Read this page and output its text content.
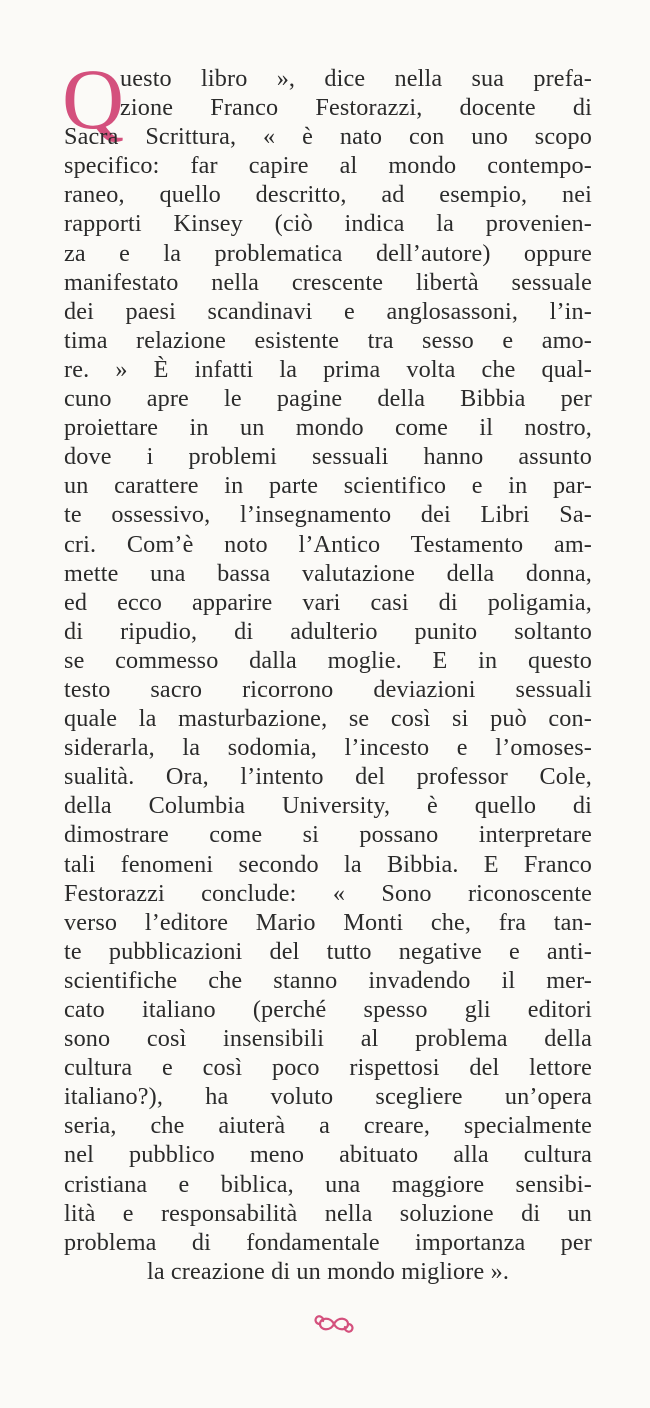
Q
uesto libro », dice nella sua prefa-
zione Franco Festorazzi, docente di
Sacra Scrittura, « è nato con uno scopo
specifico: far capire al mondo contempo-
raneo, quello descritto, ad esempio, nei
rapporti Kinsey (ciò indica la provenien-
za e la problematica dell’autore) oppure
manifestato nella crescente libertà sessuale
dei paesi scandinavi e anglosassoni, l’in-
tima relazione esistente tra sesso e amo-
re. » È infatti la prima volta che qual-
cuno apre le pagine della Bibbia per
proiettare in un mondo come il nostro,
dove i problemi sessuali hanno assunto
un carattere in parte scientifico e in par-
te ossessivo, l’insegnamento dei Libri Sa-
cri. Com’è noto l’Antico Testamento am-
mette una bassa valutazione della donna,
ed ecco apparire vari casi di poligamia,
di ripudio, di adulterio punito soltanto
se commesso dalla moglie. E in questo
testo sacro ricorrono deviazioni sessuali
quale la masturbazione, se così si può con-
siderarla, la sodomia, l’incesto e l’omoses-
sualità. Ora, l’intento del professor Cole,
della Columbia University, è quello di
dimostrare come si possano interpretare
tali fenomeni secondo la Bibbia. E Franco
Festorazzi conclude: « Sono riconoscente
verso l’editore Mario Monti che, fra tan-
te pubblicazioni del tutto negative e anti-
scientifiche che stanno invadendo il mer-
cato italiano (perché spesso gli editori
sono così insensibili al problema della
cultura e così poco rispettosi del lettore
italiano?), ha voluto scegliere un’opera
seria, che aiuterà a creare, specialmente
nel pubblico meno abituato alla cultura
cristiana e biblica, una maggiore sensibi-
lità e responsabilità nella soluzione di un
problema di fondamentale importanza per
la creazione di un mondo migliore ».
